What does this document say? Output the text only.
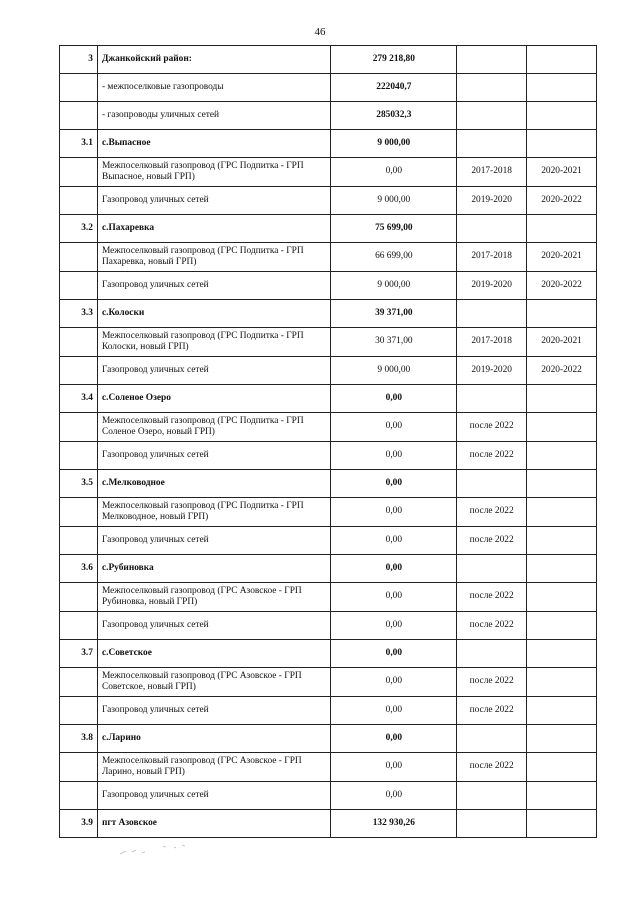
46
3	Джанкойский район:	279 218,80		
	- межпоселковые газопроводы	222040,7		
	- газопроводы уличных сетей	285032,3		
3.1	с.Выпасное	9 000,00		
	Межпоселковый газопровод (ГРС Подпитка - ГРП Выпасное, новый ГРП)	0,00	2017-2018	2020-2021
	Газопровод уличных сетей	9 000,00	2019-2020	2020-2022
3.2	с.Пахаревка	75 699,00		
	Межпоселковый газопровод (ГРС Подпитка - ГРП Пахаревка, новый ГРП)	66 699,00	2017-2018	2020-2021
	Газопровод уличных сетей	9 000,00	2019-2020	2020-2022
3.3	с.Колоски	39 371,00		
	Межпоселковый газопровод (ГРС Подпитка - ГРП Колоски, новый ГРП)	30 371,00	2017-2018	2020-2021
	Газопровод уличных сетей	9 000,00	2019-2020	2020-2022
3.4	с.Соленое Озеро	0,00		
	Межпоселковый газопровод (ГРС Подпитка - ГРП Соленое Озеро, новый ГРП)	0,00	после 2022	
	Газопровод уличных сетей	0,00	после 2022	
3.5	с.Мелководное	0,00		
	Межпоселковый газопровод (ГРС Подпитка - ГРП Мелководное, новый ГРП)	0,00	после 2022	
	Газопровод уличных сетей	0,00	после 2022	
3.6	с.Рубиновка	0,00		
	Межпоселковый газопровод (ГРС Азовское - ГРП Рубиновка, новый ГРП)	0,00	после 2022	
	Газопровод уличных сетей	0,00	после 2022	
3.7	с.Советское	0,00		
	Межпоселковый газопровод (ГРС Азовское - ГРП Советское, новый ГРП)	0,00	после 2022	
	Газопровод уличных сетей	0,00	после 2022	
3.8	с.Ларино	0,00		
	Межпоселковый газопровод (ГРС Азовское - ГРП Ларино, новый ГРП)	0,00	после 2022	
	Газопровод уличных сетей	0,00		
3.9	пгт Азовское	132 930,26		
